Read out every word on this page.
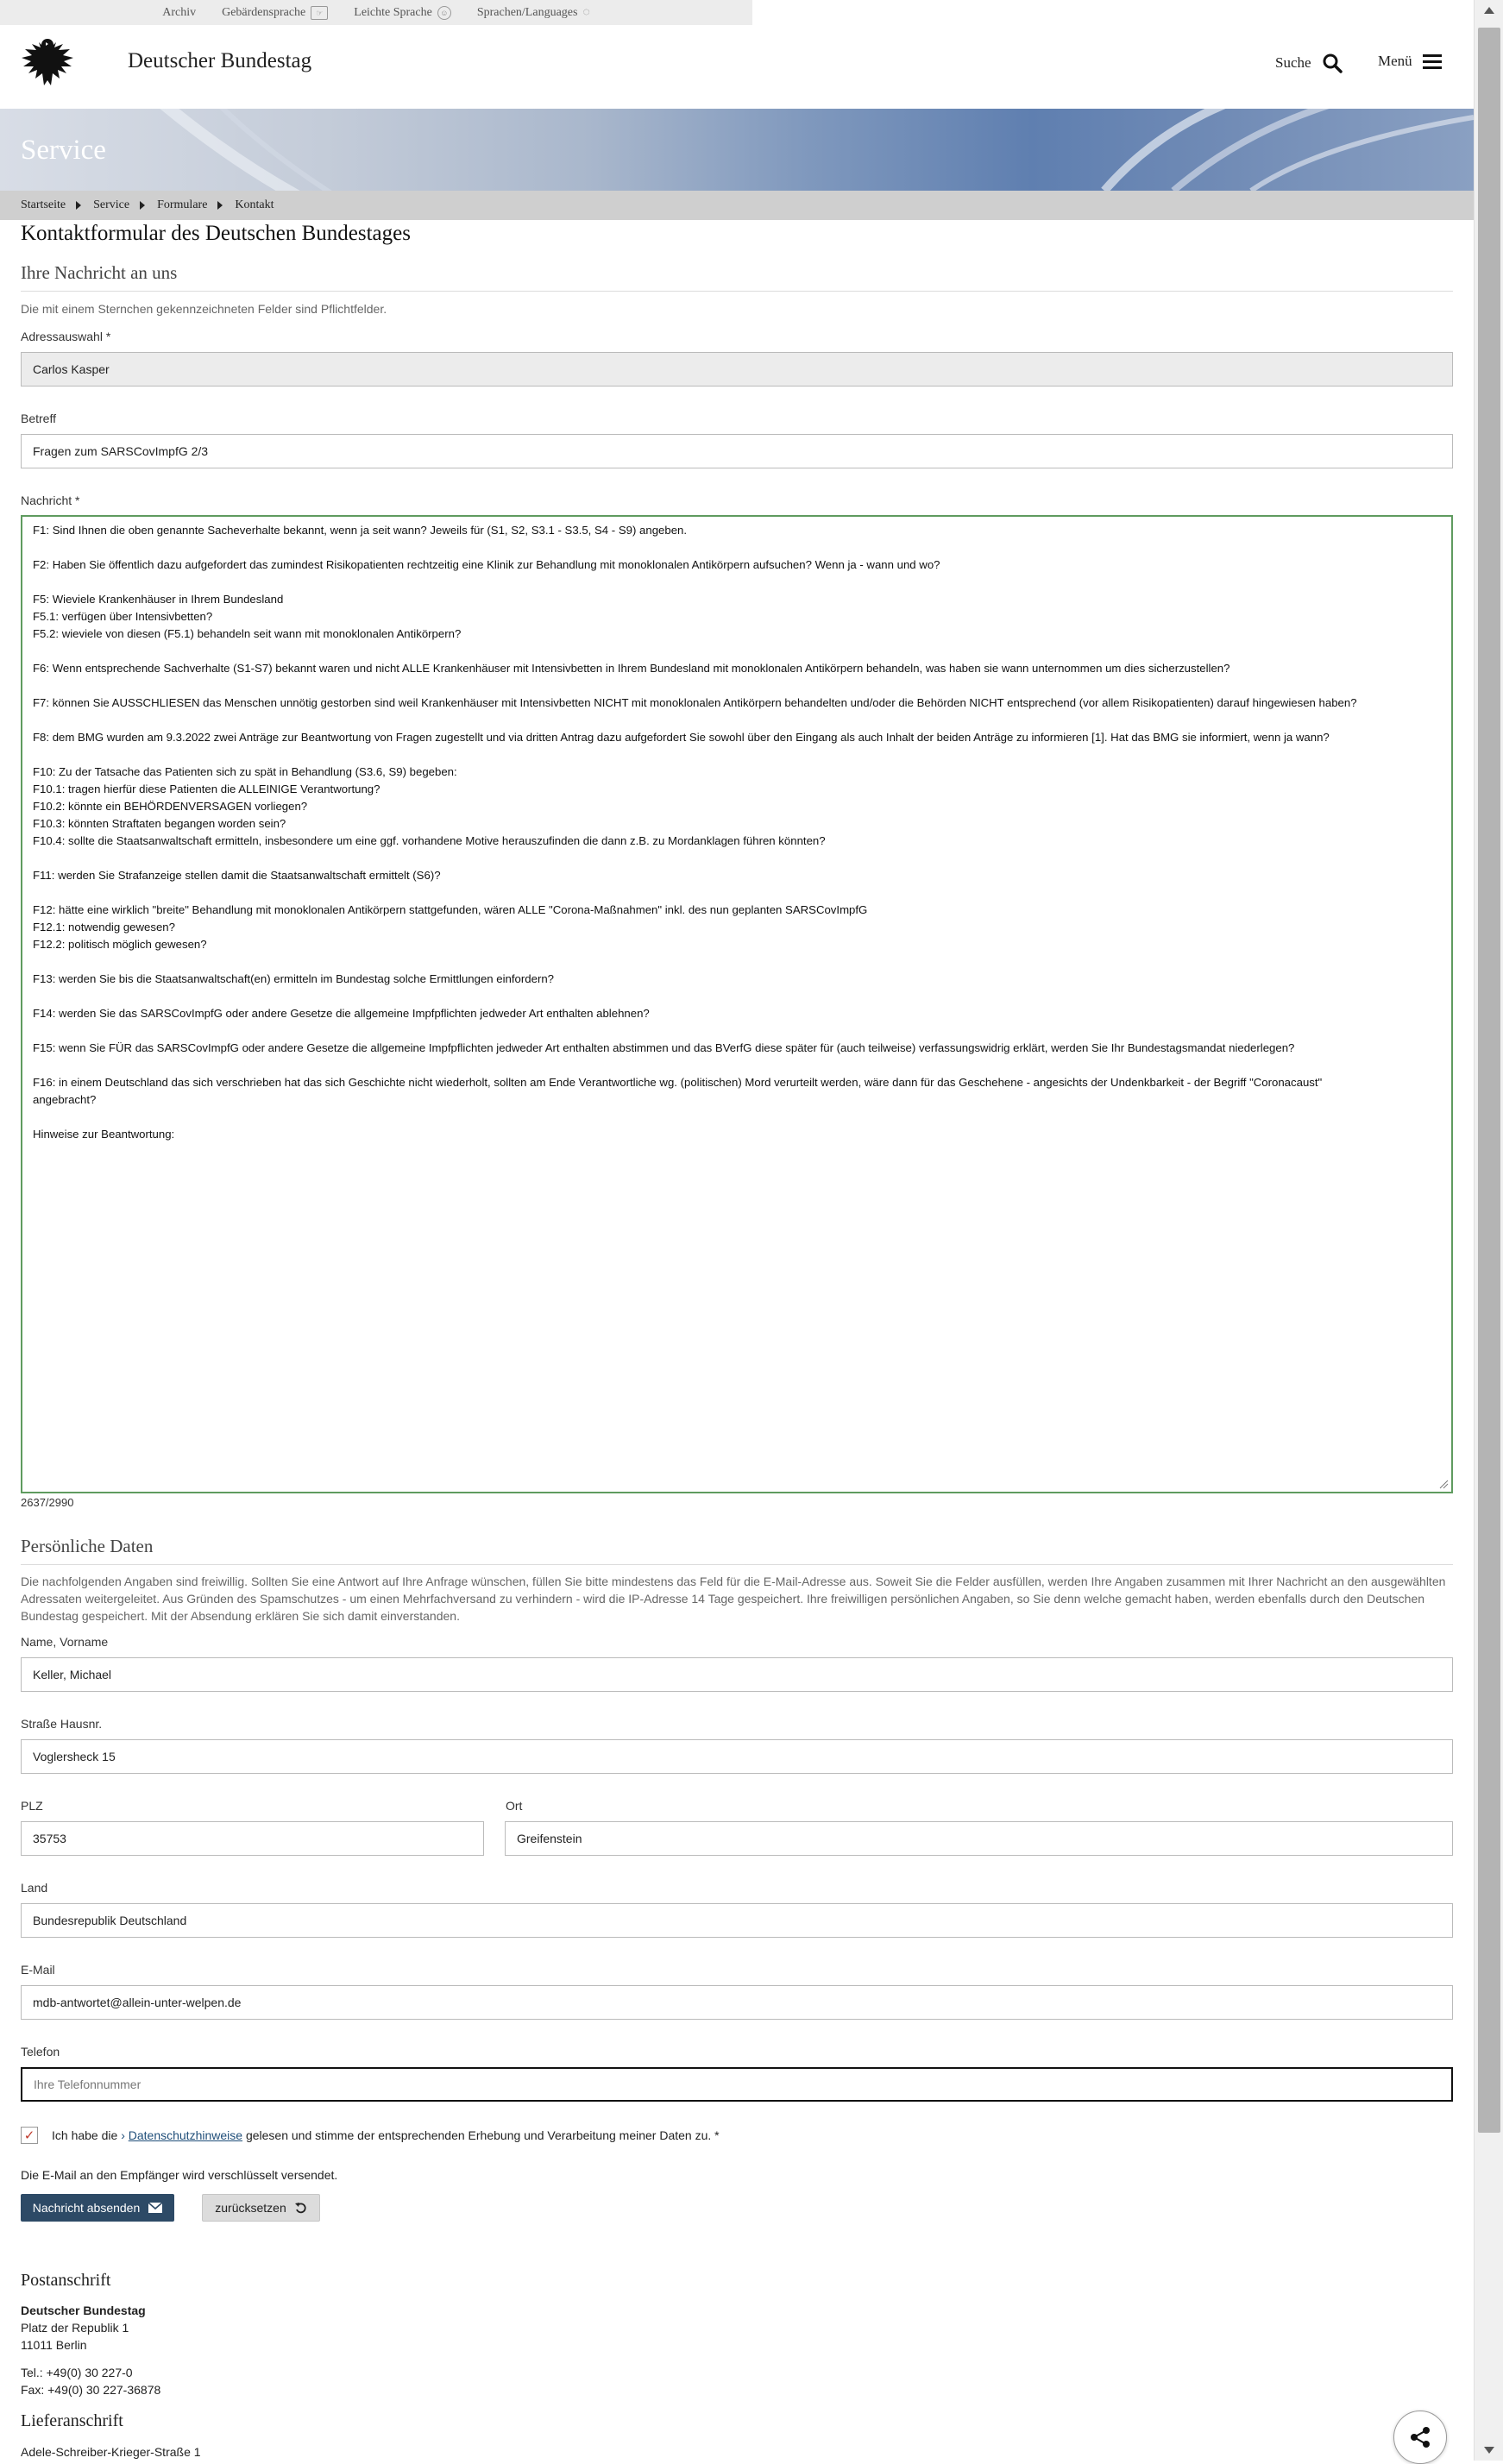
Archiv Gebärdensprache	☞	Leichte Sprache	☺ Sprachen/Languages ◌
Deutscher Bundestag	Suche	Menü
Service
Startseite Service Formulare Kontakt
Kontaktformular des Deutschen Bundestages
Ihre Nachricht an uns
Die mit einem Sternchen gekennzeichneten Felder sind Pflichtfelder.
Adressauswahl *
Carlos Kasper
Betreff
Fragen zum SARSCovImpfG 2/3
Nachricht *
F1: Sind Ihnen die oben genannte Sacheverhalte bekannt, wenn ja seit wann? Jeweils für (S1, S2, S3.1 - S3.5, S4 - S9) angeben.
F2: Haben Sie öffentlich dazu aufgefordert das zumindest Risikopatienten rechtzeitig eine Klinik zur Behandlung mit monoklonalen Antikörpern aufsuchen? Wenn ja - wann und wo?
F5: Wieviele Krankenhäuser in Ihrem Bundesland
F5.1: verfügen über Intensivbetten?
F5.2: wieviele von diesen (F5.1) behandeln seit wann mit monoklonalen Antikörpern?
F6: Wenn entsprechende Sachverhalte (S1-S7) bekannt waren und nicht ALLE Krankenhäuser mit Intensivbetten in Ihrem Bundesland mit monoklonalen Antikörpern behandeln, was haben sie wann unternommen um dies sicherzustellen?
F7: können Sie AUSSCHLIESEN das Menschen unnötig gestorben sind weil Krankenhäuser mit Intensivbetten NICHT mit monoklonalen Antikörpern behandelten und/oder die Behörden NICHT entsprechend (vor allem Risikopatienten) darauf hingewiesen haben?
F8: dem BMG wurden am 9.3.2022 zwei Anträge zur Beantwortung von Fragen zugestellt und via dritten Antrag dazu aufgefordert Sie sowohl über den Eingang als auch Inhalt der beiden Anträge zu informieren [1]. Hat das BMG sie informiert, wenn ja wann?
F10: Zu der Tatsache das Patienten sich zu spät in Behandlung (S3.6, S9) begeben:
F10.1: tragen hierfür diese Patienten die ALLEINIGE Verantwortung?
F10.2: könnte ein BEHÖRDENVERSAGEN vorliegen?
F10.3: könnten Straftaten begangen worden sein?
F10.4: sollte die Staatsanwaltschaft ermitteln, insbesondere um eine ggf. vorhandene Motive herauszufinden die dann z.B. zu Mordanklagen führen könnten?
F11: werden Sie Strafanzeige stellen damit die Staatsanwaltschaft ermittelt (S6)?
F12: hätte eine wirklich "breite" Behandlung mit monoklonalen Antikörpern stattgefunden, wären ALLE "Corona-Maßnahmen" inkl. des nun geplanten SARSCovImpfG
F12.1: notwendig gewesen?
F12.2: politisch möglich gewesen?
F13: werden Sie bis die Staatsanwaltschaft(en) ermitteln im Bundestag solche Ermittlungen einfordern?
F14: werden Sie das SARSCovImpfG oder andere Gesetze die allgemeine Impfpflichten jedweder Art enthalten ablehnen?
F15: wenn Sie FÜR das SARSCovImpfG oder andere Gesetze die allgemeine Impfpflichten jedweder Art enthalten abstimmen und das BVerfG diese später für (auch teilweise) verfassungswidrig erklärt, werden Sie Ihr Bundestagsmandat niederlegen?
F16: in einem Deutschland das sich verschrieben hat das sich Geschichte nicht wiederholt, sollten am Ende Verantwortliche wg. (politischen) Mord verurteilt werden, wäre dann für das Geschehene - angesichts der Undenkbarkeit - der Begriff "Coronacaust"
angebracht?
Hinweise zur Beantwortung:
2637/2990
Persönliche Daten
Die nachfolgenden Angaben sind freiwillig. Sollten Sie eine Antwort auf Ihre Anfrage wünschen, füllen Sie bitte mindestens das Feld für die E-Mail-Adresse aus. Soweit Sie die Felder ausfüllen, werden Ihre Angaben zusammen mit Ihrer Nachricht an den ausgewählten Adressaten weitergeleitet. Aus Gründen des Spamschutzes - um einen Mehrfachversand zu verhindern - wird die IP-Adresse 14 Tage gespeichert. Ihre freiwilligen persönlichen Angaben, so Sie denn welche gemacht haben, werden ebenfalls durch den Deutschen Bundestag gespeichert. Mit der Absendung erklären Sie sich damit einverstanden.
Name, Vorname
Keller, Michael
Straße Hausnr.
Voglersheck 15
PLZ
35753
Ort
Greifenstein
Land
Bundesrepublik Deutschland
E-Mail
mdb-antwortet@allein-unter-welpen.de
Telefon
Ihre Telefonnummer
✓ Ich habe die › Datenschutzhinweise gelesen und stimme der entsprechenden Erhebung und Verarbeitung meiner Daten zu. *
Die E-Mail an den Empfänger wird verschlüsselt versendet.
Nachricht absenden	zurücksetzen
Postanschrift
Deutscher Bundestag
Platz der Republik 1
11011 Berlin
Tel.: +49(0) 30 227-0
Fax: +49(0) 30 227-36878
Lieferanschrift
Adele-Schreiber-Krieger-Straße 1
